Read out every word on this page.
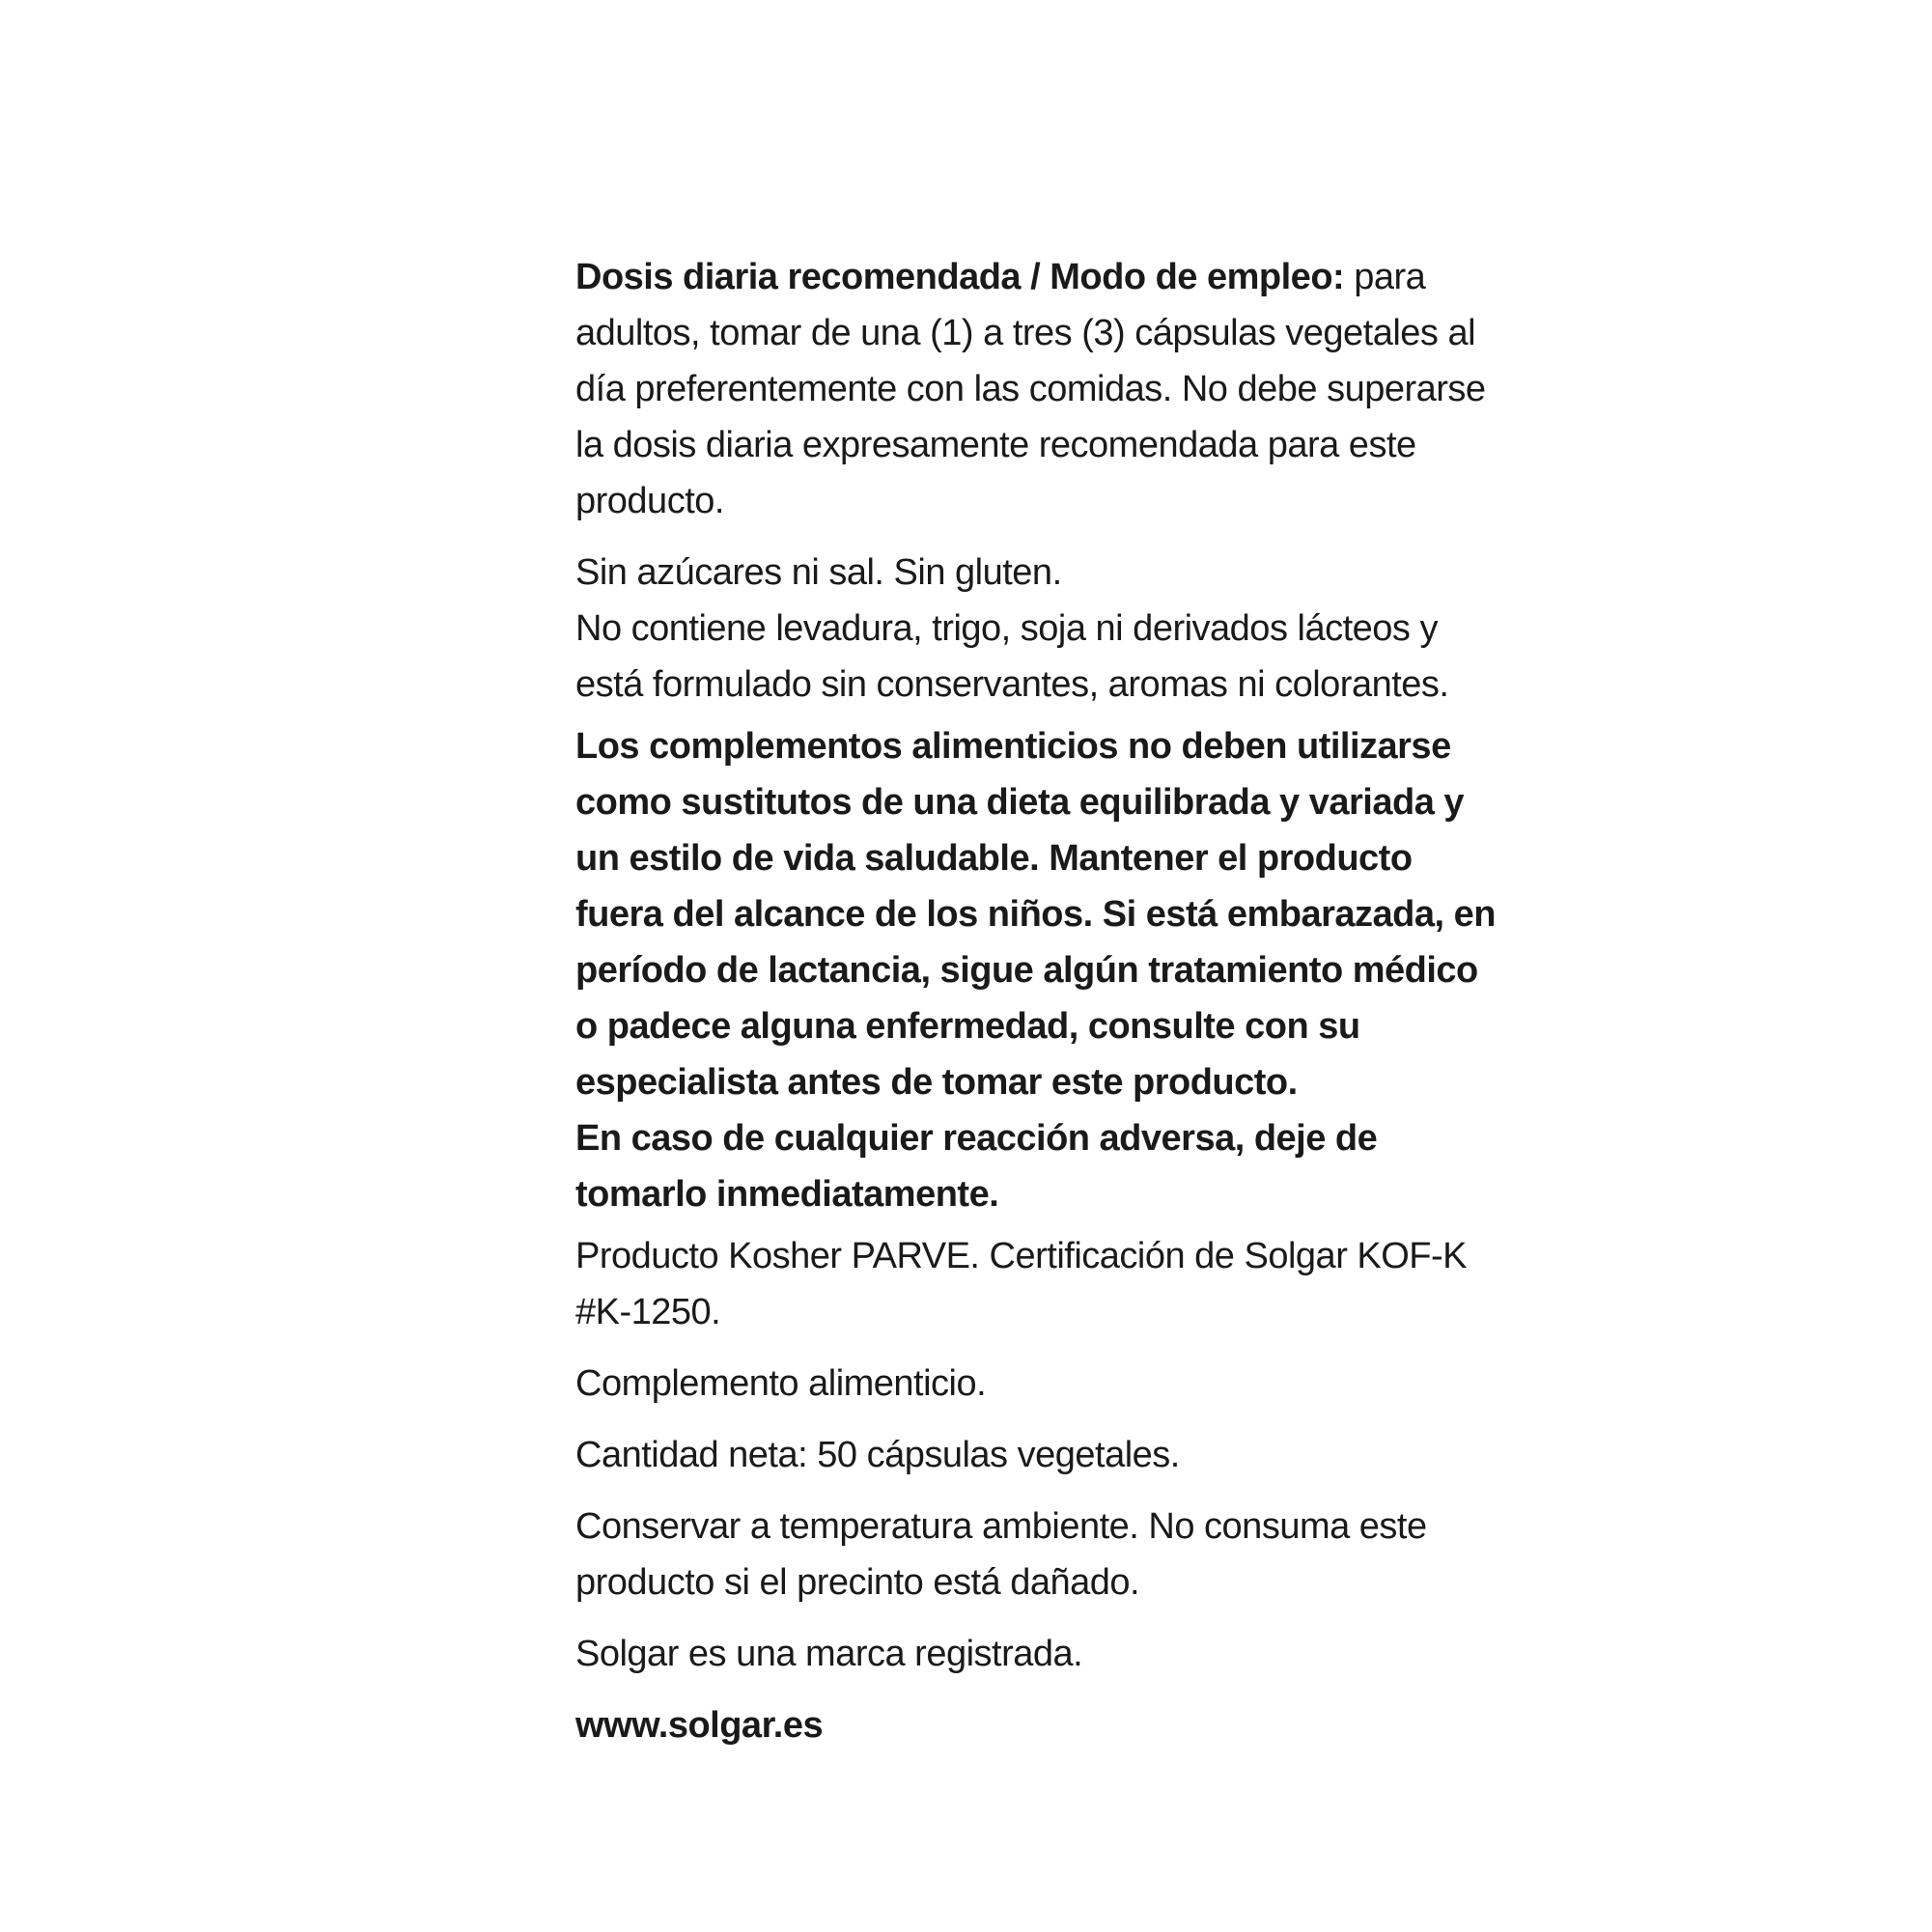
Dosis diaria recomendada / Modo de empleo: para adultos, tomar de una (1) a tres (3) cápsulas vegetales al día preferentemente con las comidas. No debe superarse la dosis diaria expresamente recomendada para este producto.

Sin azúcares ni sal. Sin gluten.

No contiene levadura, trigo, soja ni derivados lácteos y está formulado sin conservantes, aromas ni colorantes.

Los complementos alimenticios no deben utilizarse como sustitutos de una dieta equilibrada y variada y un estilo de vida saludable. Mantener el producto fuera del alcance de los niños. Si está embarazada, en período de lactancia, sigue algún tratamiento médico o padece alguna enfermedad, consulte con su especialista antes de tomar este producto.
En caso de cualquier reacción adversa, deje de tomarlo inmediatamente.

Producto Kosher PARVE. Certificación de Solgar KOF-K #K-1250.

Complemento alimenticio.

Cantidad neta: 50 cápsulas vegetales.

Conservar a temperatura ambiente. No consuma este producto si el precinto está dañado.

Solgar es una marca registrada.

www.solgar.es
